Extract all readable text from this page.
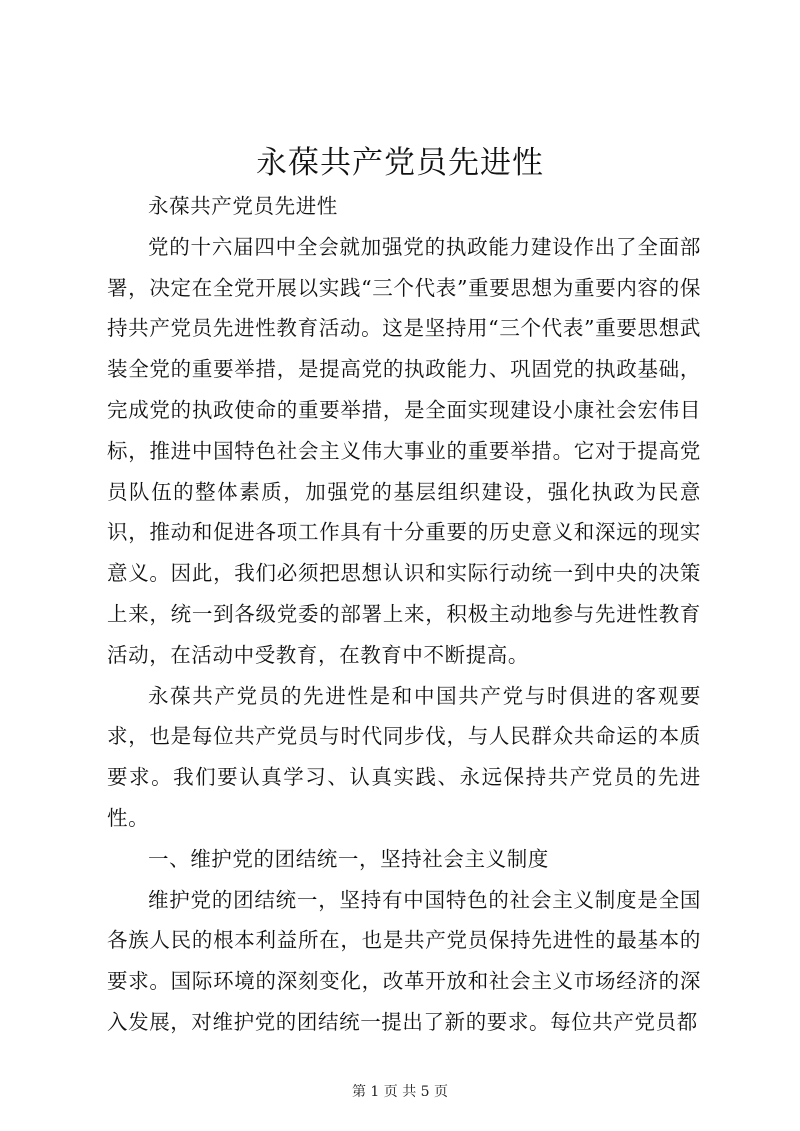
永葆共产党员先进性

永葆共产党员先进性

党的十六届四中全会就加强党的执政能力建设作出了全面部署，决定在全党开展以实践“三个代表”重要思想为重要内容的保持共产党员先进性教育活动。这是坚持用“三个代表”重要思想武装全党的重要举措，是提高党的执政能力、巩固党的执政基础，完成党的执政使命的重要举措，是全面实现建设小康社会宏伟目标，推进中国特色社会主义伟大事业的重要举措。它对于提高党员队伍的整体素质，加强党的基层组织建设，强化执政为民意识，推动和促进各项工作具有十分重要的历史意义和深远的现实意义。因此，我们必须把思想认识和实际行动统一到中央的决策上来，统一到各级党委的部署上来，积极主动地参与先进性教育活动，在活动中受教育，在教育中不断提高。

永葆共产党员的先进性是和中国共产党与时俱进的客观要求，也是每位共产党员与时代同步伐，与人民群众共命运的本质要求。我们要认真学习、认真实践、永远保持共产党员的先进性。

一、维护党的团结统一，坚持社会主义制度

维护党的团结统一，坚持有中国特色的社会主义制度是全国各族人民的根本利益所在，也是共产党员保持先进性的最基本的要求。国际环境的深刻变化，改革开放和社会主义市场经济的深入发展，对维护党的团结统一提出了新的要求。每位共产党员都

第 1 页 共 5 页
